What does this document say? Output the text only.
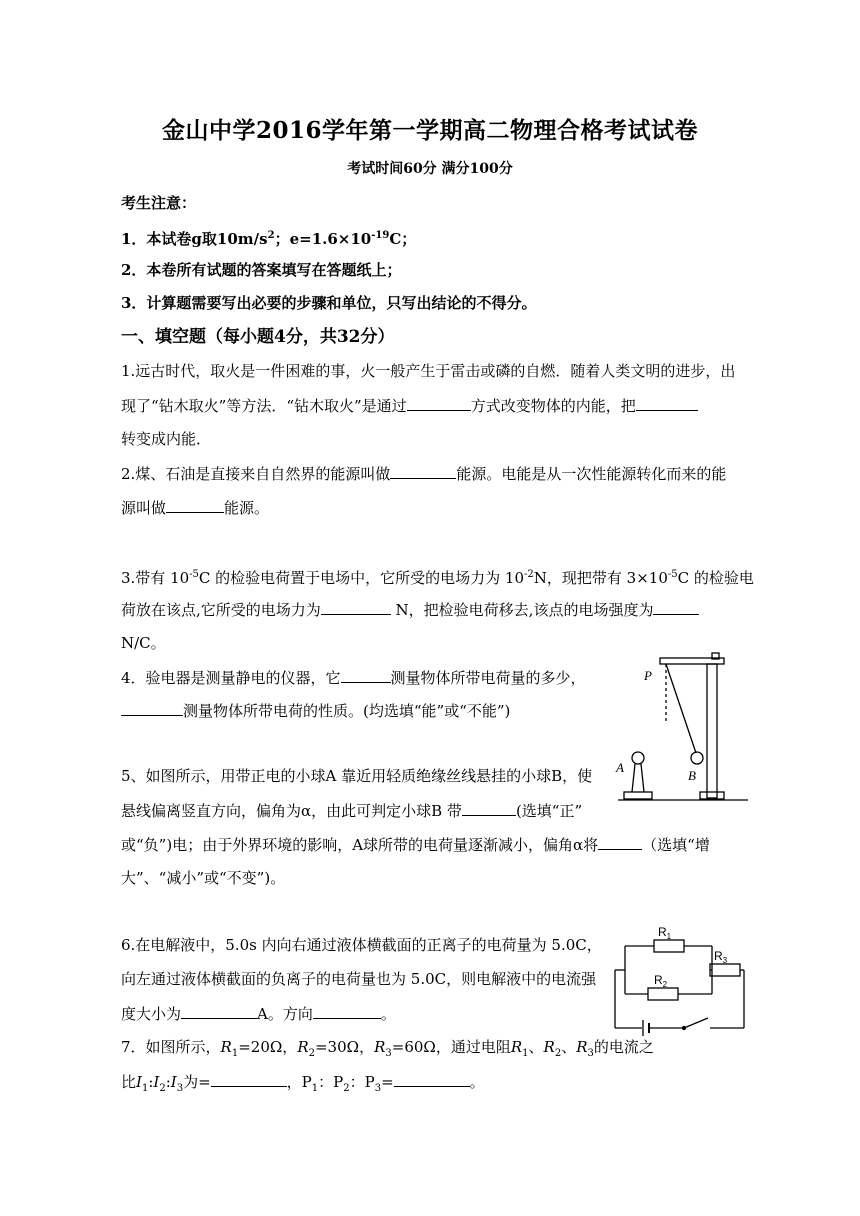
金山中学2016学年第一学期高二物理合格考试试卷
考试时间60分 满分100分
考生注意：
1．本试卷g取$10m/s^2$；$e=1.6\times 10^{-19}C$；
2．本卷所有试题的答案填写在答题纸上；
3．计算题需要写出必要的步骤和单位，只写出结论的不得分。
一、填空题（每小题4分，共32分）
1.远古时代，取火是一件困难的事，火一般产生于雷击或磷的自燃．随着人类文明的进步，出
现了“钻木取火”等方法．“钻木取火”是通过	方式改变物体的内能，把
转变成内能．
2.煤、石油是直接来自自然界的能源叫做	能源。电能是从一次性能源转化而来的能
源叫做	能源。
3.带有 $10^{-5}C$ 的检验电荷置于电场中，它所受的电场力为 $10^{-2}N$，现把带有 $3\times 10^{-5}C$ 的检验电
荷放在该点,它所受的电场力为	N，把检验电荷移去,该点的电场强度为
N/C。
4．验电器是测量静电的仪器，它	测量物体所带电荷量的多少，
测量物体所带电荷的性质。(均选填“能”或“不能”)
5、如图所示，用带正电的小球A 靠近用轻质绝缘丝线悬挂的小球B，使
悬线偏离竖直方向，偏角为α，由此可判定小球B 带	(选填“正”
或“负”)电；由于外界环境的影响，A球所带的电荷量逐渐减小，偏角α将	（选填“增
大”、“减小”或“不变”)。
6.在电解液中，5.0s 内向右通过液体横截面的正离子的电荷量为 5.0C，
向左通过液体横截面的负离子的电荷量也为 5.0C，则电解液中的电流强
度大小为	A。方向	。
7．如图所示，$R_1=20\Omega$，$R_2=30\Omega$，$R_3=60\Omega$，通过电阻$R_1$、$R_2$、$R_3$的电流之
比$I_1:I_2:I_3$为=	，$P_1$：$P_2$：$P_3=$	。
P
A
B
$R_1$
$R_2$
$R_3$
